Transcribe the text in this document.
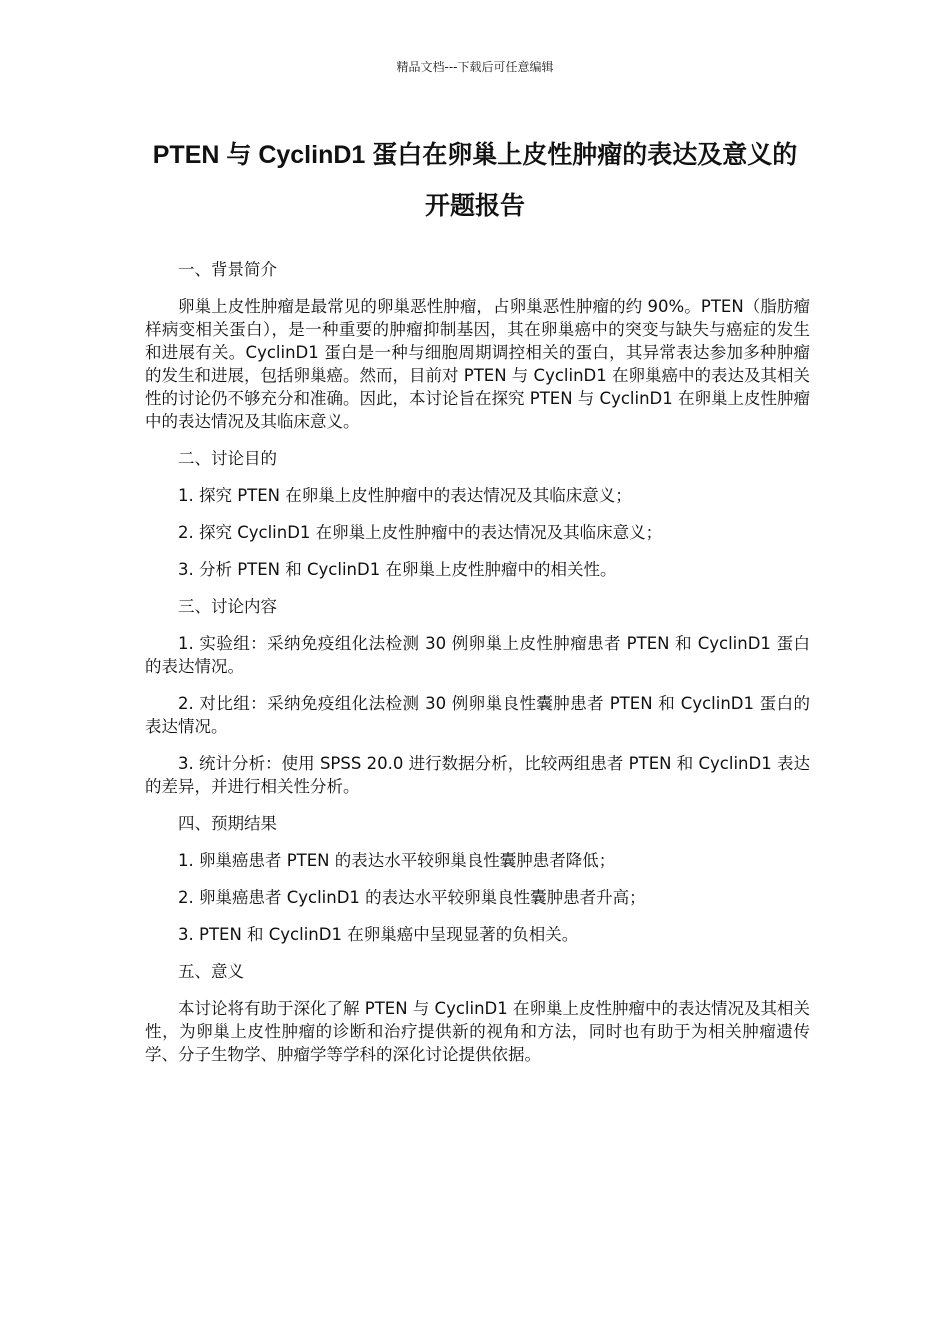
精品文档---下载后可任意编辑
PTEN 与 CyclinD1 蛋白在卵巢上皮性肿瘤的表达及意义的
开题报告

一、背景简介

卵巢上皮性肿瘤是最常见的卵巢恶性肿瘤，占卵巢恶性肿瘤的约 90%。PTEN（脂肪瘤样病变相关蛋白），是一种重要的肿瘤抑制基因，其在卵巢癌中的突变与缺失与癌症的发生和进展有关。CyclinD1 蛋白是一种与细胞周期调控相关的蛋白，其异常表达参加多种肿瘤的发生和进展，包括卵巢癌。然而，目前对 PTEN 与 CyclinD1 在卵巢癌中的表达及其相关性的讨论仍不够充分和准确。因此，本讨论旨在探究 PTEN 与 CyclinD1 在卵巢上皮性肿瘤中的表达情况及其临床意义。

二、讨论目的

1. 探究 PTEN 在卵巢上皮性肿瘤中的表达情况及其临床意义；

2. 探究 CyclinD1 在卵巢上皮性肿瘤中的表达情况及其临床意义；

3. 分析 PTEN 和 CyclinD1 在卵巢上皮性肿瘤中的相关性。

三、讨论内容

1. 实验组：采纳免疫组化法检测 30 例卵巢上皮性肿瘤患者 PTEN 和 CyclinD1 蛋白的表达情况。

2. 对比组：采纳免疫组化法检测 30 例卵巢良性囊肿患者 PTEN 和 CyclinD1 蛋白的表达情况。

3. 统计分析：使用 SPSS 20.0 进行数据分析，比较两组患者 PTEN 和 CyclinD1 表达的差异，并进行相关性分析。

四、预期结果

1. 卵巢癌患者 PTEN 的表达水平较卵巢良性囊肿患者降低；

2. 卵巢癌患者 CyclinD1 的表达水平较卵巢良性囊肿患者升高；

3. PTEN 和 CyclinD1 在卵巢癌中呈现显著的负相关。

五、意义

本讨论将有助于深化了解 PTEN 与 CyclinD1 在卵巢上皮性肿瘤中的表达情况及其相关性，为卵巢上皮性肿瘤的诊断和治疗提供新的视角和方法，同时也有助于为相关肿瘤遗传学、分子生物学、肿瘤学等学科的深化讨论提供依据。
